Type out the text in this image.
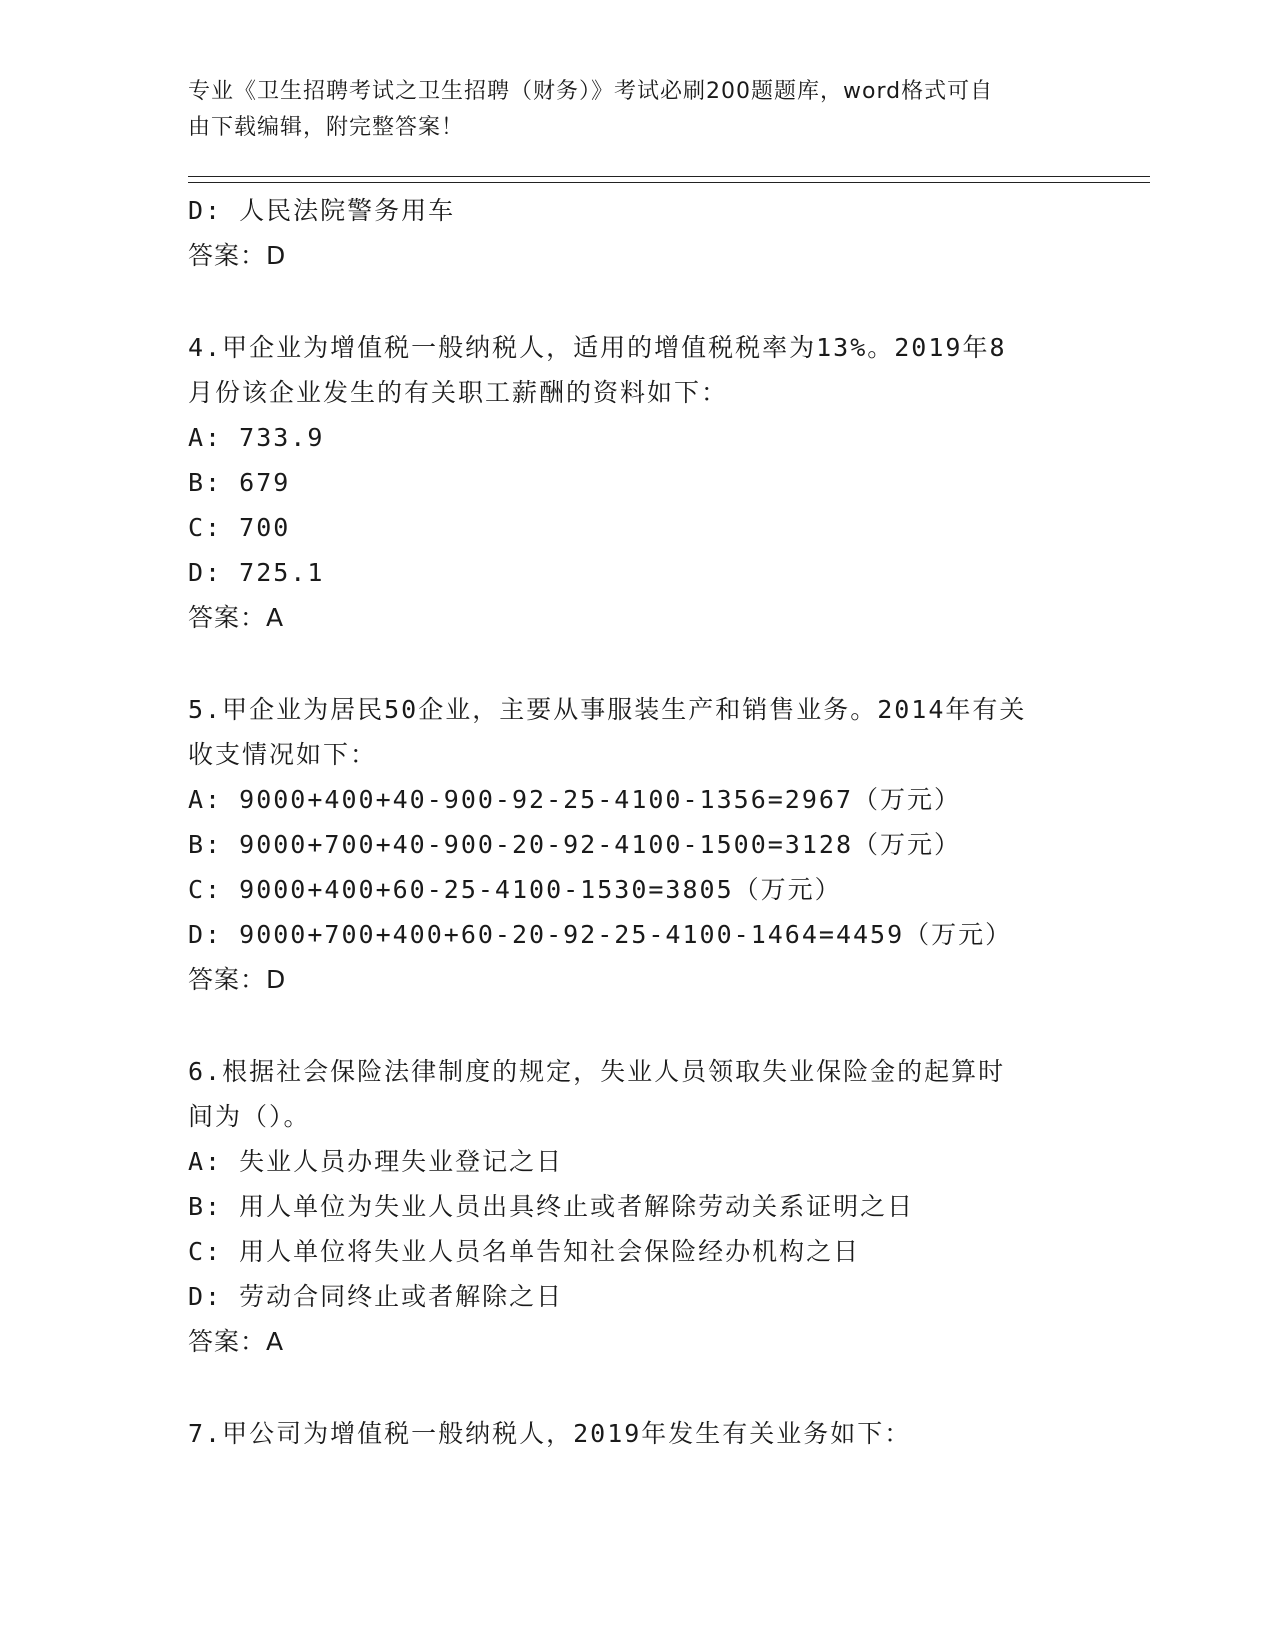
专业《卫生招聘考试之卫生招聘（财务）》考试必刷200题题库，word格式可自
由下载编辑，附完整答案！
D: 人民法院警务用车
答案：D
4.甲企业为增值税一般纳税人，适用的增值税税率为13%。2019年8
月份该企业发生的有关职工薪酬的资料如下：
A: 733.9
B: 679
C: 700
D: 725.1
答案：A
5.甲企业为居民50企业，主要从事服装生产和销售业务。2014年有关
收支情况如下：
A: 9000+400+40-900-92-25-4100-1356=2967（万元）
B: 9000+700+40-900-20-92-4100-1500=3128（万元）
C: 9000+400+60-25-4100-1530=3805（万元）
D: 9000+700+400+60-20-92-25-4100-1464=4459（万元）
答案：D
6.根据社会保险法律制度的规定，失业人员领取失业保险金的起算时
间为（）。
A: 失业人员办理失业登记之日
B: 用人单位为失业人员出具终止或者解除劳动关系证明之日
C: 用人单位将失业人员名单告知社会保险经办机构之日
D: 劳动合同终止或者解除之日
答案：A
7.甲公司为增值税一般纳税人，2019年发生有关业务如下：
